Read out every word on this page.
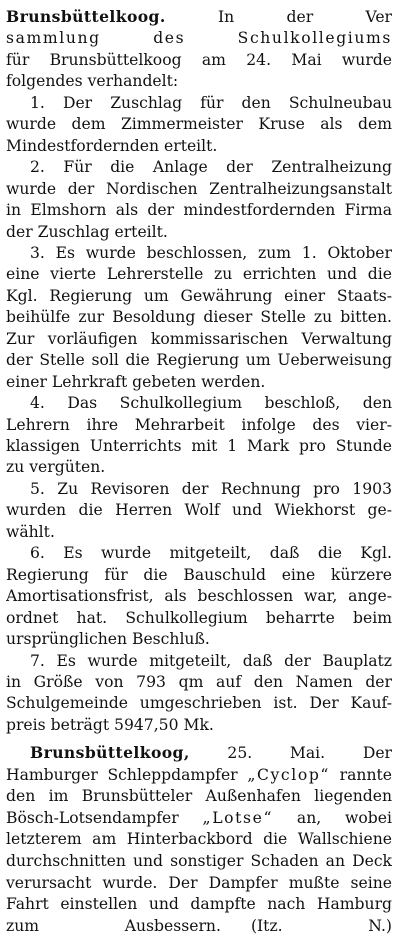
Brunsbüttelkoog. In der Ver
sammlung des Schulkollegiums
für Brunsbüttelkoog am 24. Mai wurde
folgendes verhandelt:
1. Der Zuschlag für den Schulneubau
wurde dem Zimmermeister Kruse als dem
Mindestfordernden erteilt.
2. Für die Anlage der Zentralheizung
wurde der Nordischen Zentralheizungsanstalt
in Elmshorn als der mindestfordernden Firma
der Zuschlag erteilt.
3. Es wurde beschlossen, zum 1. Oktober
eine vierte Lehrerstelle zu errichten und die
Kgl. Regierung um Gewährung einer Staats-
beihülfe zur Besoldung dieser Stelle zu bitten.
Zur vorläufigen kommissarischen Verwaltung
der Stelle soll die Regierung um Ueberweisung
einer Lehrkraft gebeten werden.
4. Das Schulkollegium beschloß, den
Lehrern ihre Mehrarbeit infolge des vier-
klassigen Unterrichts mit 1 Mark pro Stunde
zu vergüten.
5. Zu Revisoren der Rechnung pro 1903
wurden die Herren Wolf und Wiekhorst ge-
wählt.
6. Es wurde mitgeteilt, daß die Kgl.
Regierung für die Bauschuld eine kürzere
Amortisationsfrist, als beschlossen war, ange-
ordnet hat. Schulkollegium beharrte beim
ursprünglichen Beschluß.
7. Es wurde mitgeteilt, daß der Bauplatz
in Größe von 793 qm auf den Namen der
Schulgemeinde umgeschrieben ist. Der Kauf-
preis beträgt 5947,50 Mk.
Brunsbüttelkoog, 25. Mai. Der
Hamburger Schleppdampfer „Cyclop“ rannte
den im Brunsbütteler Außenhafen liegenden
Bösch-Lotsendampfer „Lotse“ an, wobei
letzterem am Hinterbackbord die Wallschiene
durchschnitten und sonstiger Schaden an Deck
verursacht wurde. Der Dampfer mußte seine
Fahrt einstellen und dampfte nach Hamburg
zum Ausbessern. (Itz. N.)
